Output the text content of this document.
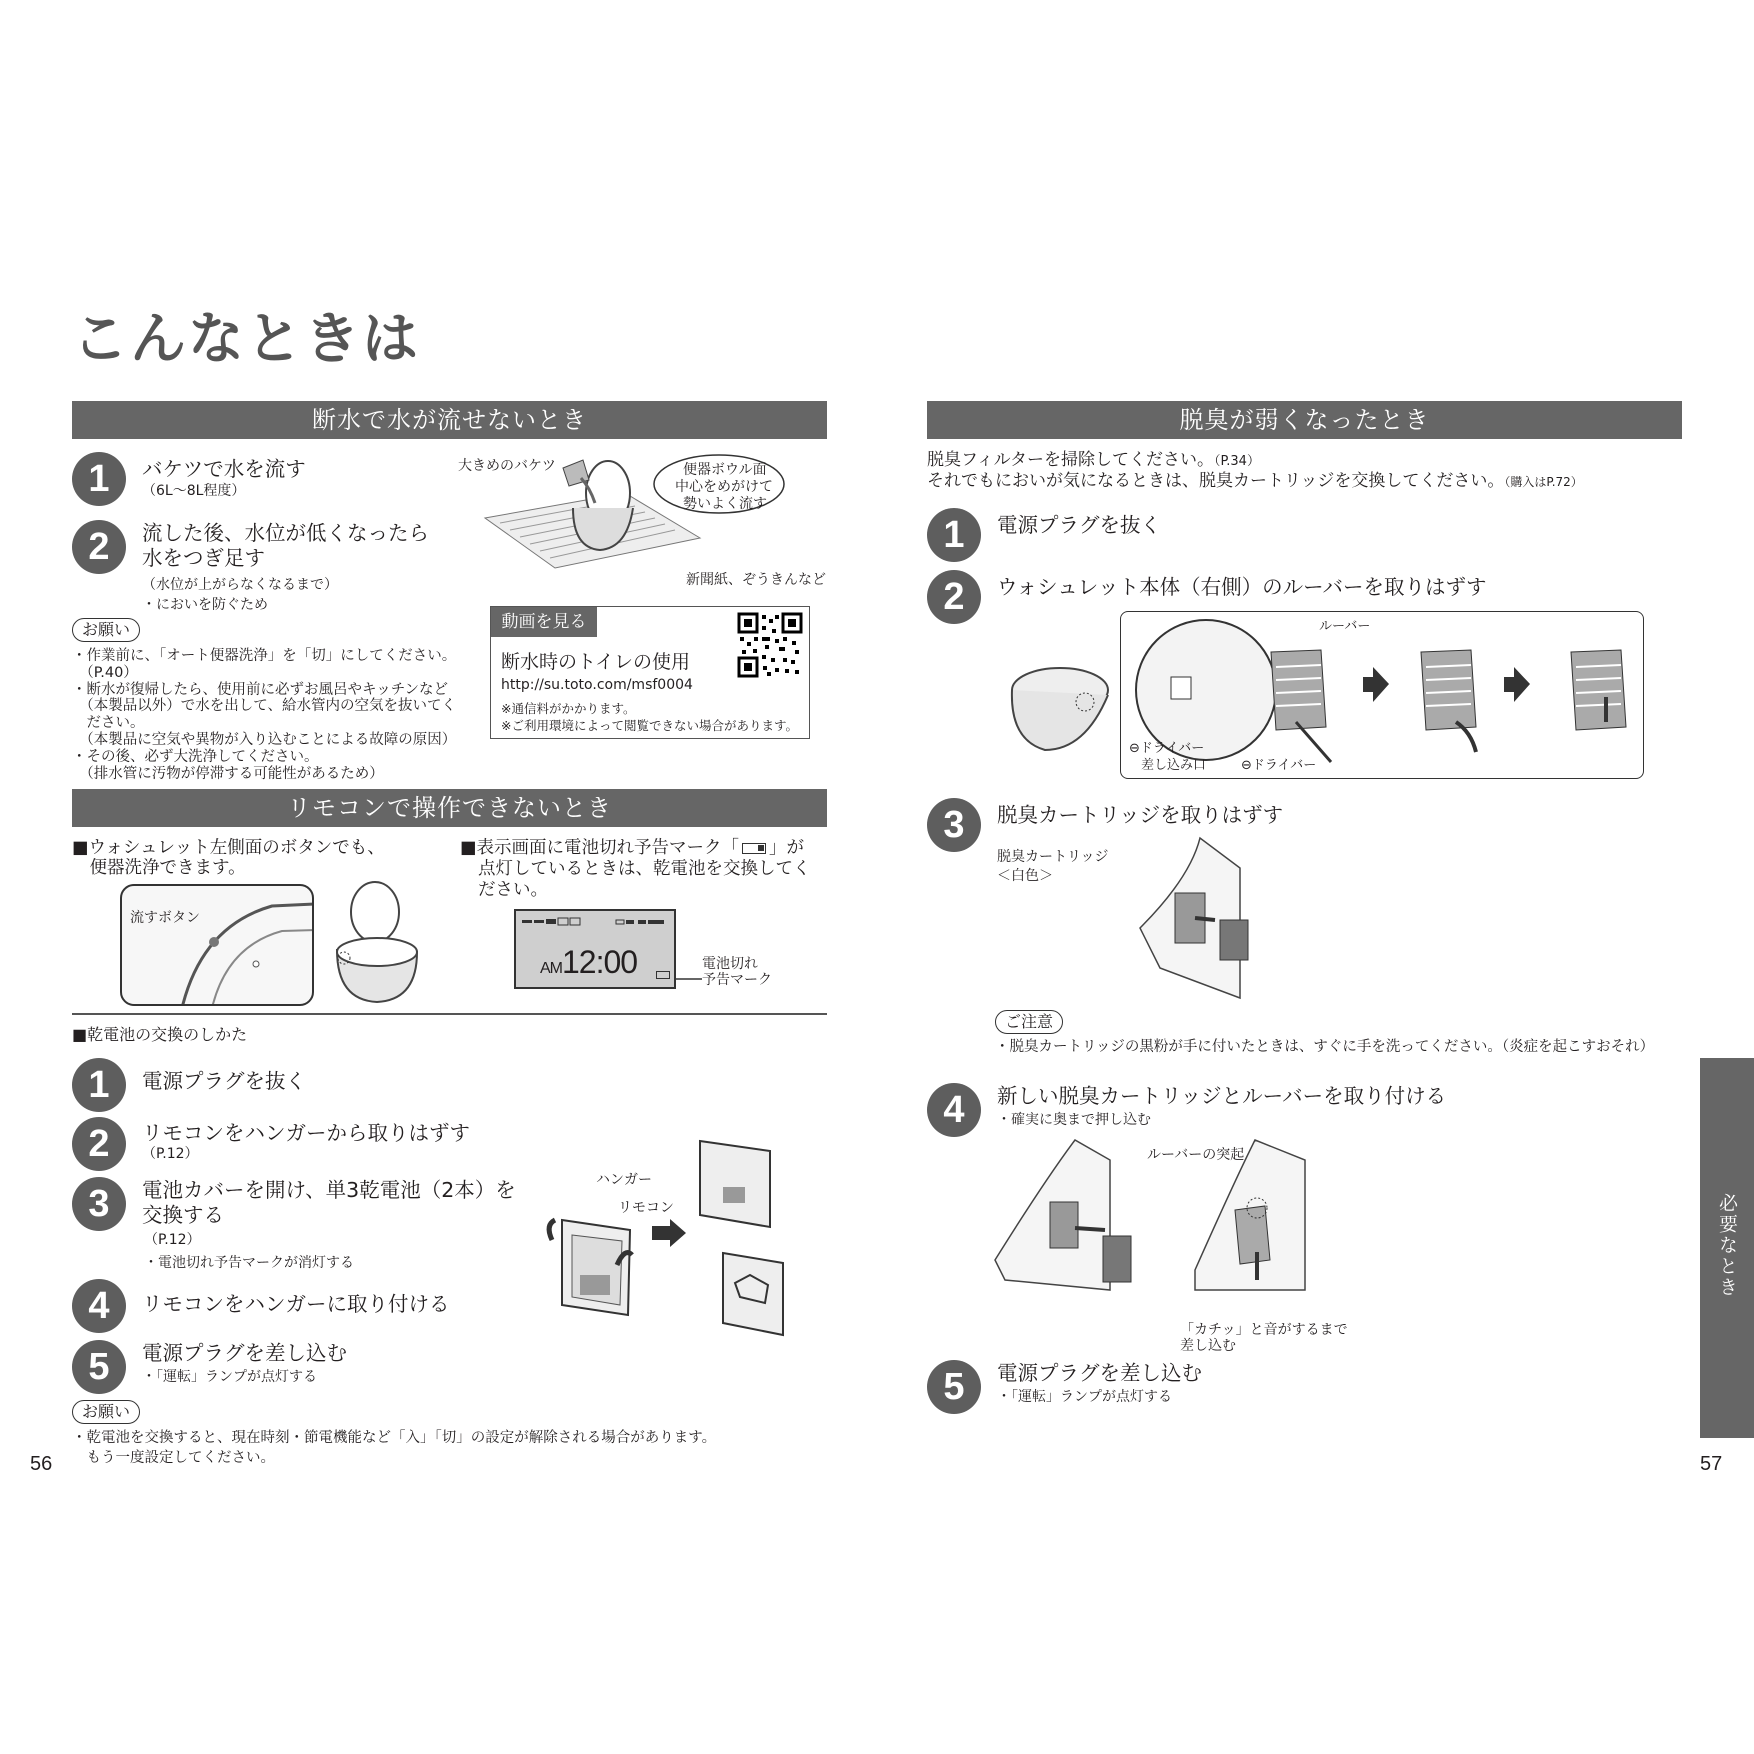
こんなときは
断水で水が流せないとき
1	バケツで水を流す
（6L～8L程度）
2	流した後、水位が低くなったら
水をつぎ足す
（水位が上がらなくなるまで）
・においを防ぐため
大きめのバケツ	便器ボウル面
中心をめがけて
勢いよく流す
新聞紙、ぞうきんなど
動画を見る
断水時のトイレの使用
http://su.toto.com/msf0004
※通信料がかかります。
※ご利用環境によって閲覧できない場合があります。
お願い
・作業前に、「オート便器洗浄」を「切」にしてください。
　（P.40）
・断水が復帰したら、使用前に必ずお風呂やキッチンなど
　（本製品以外）で水を出して、給水管内の空気を抜いてく
　ださい。
　（本製品に空気や異物が入り込むことによる故障の原因）
・その後、必ず大洗浄してください。
　（排水管に汚物が停滞する可能性があるため）
リモコンで操作できないとき
■ウォシュレット左側面のボタンでも、
　便器洗浄できます。
流すボタン
■表示画面に電池切れ予告マーク「 」が
点灯しているときは、乾電池を交換してく
ださい。
AM12:00	電池切れ
予告マーク
■乾電池の交換のしかた
1	電源プラグを抜く
2	リモコンをハンガーから取りはずす
（P.12）
3	電池カバーを開け、単3乾電池（2本）を
交換する
（P.12）
・電池切れ予告マークが消灯する
4	リモコンをハンガーに取り付ける
5	電源プラグを差し込む
・「運転」ランプが点灯する
ハンガー
リモコン
お願い
・乾電池を交換すると、現在時刻・節電機能など「入」「切」の設定が解除される場合があります。
　もう一度設定してください。
56
脱臭が弱くなったとき
脱臭フィルターを掃除してください。（P.34）
それでもにおいが気になるときは、脱臭カートリッジを交換してください。（購入はP.72）
1	電源プラグを抜く
2	ウォシュレット本体（右側）のルーバーを取りはずす
ルーバー
⊖ドライバー
差し込み口	⊖ドライバー
3	脱臭カートリッジを取りはずす
脱臭カートリッジ
＜白色＞
ご注意
・脱臭カートリッジの黒粉が手に付いたときは、すぐに手を洗ってください。（炎症を起こすおそれ）
4	新しい脱臭カートリッジとルーバーを取り付ける
・確実に奥まで押し込む
ルーバーの突起
「カチッ」と音がするまで
差し込む
5	電源プラグを差し込む
・「運転」ランプが点灯する
必要なとき
57
